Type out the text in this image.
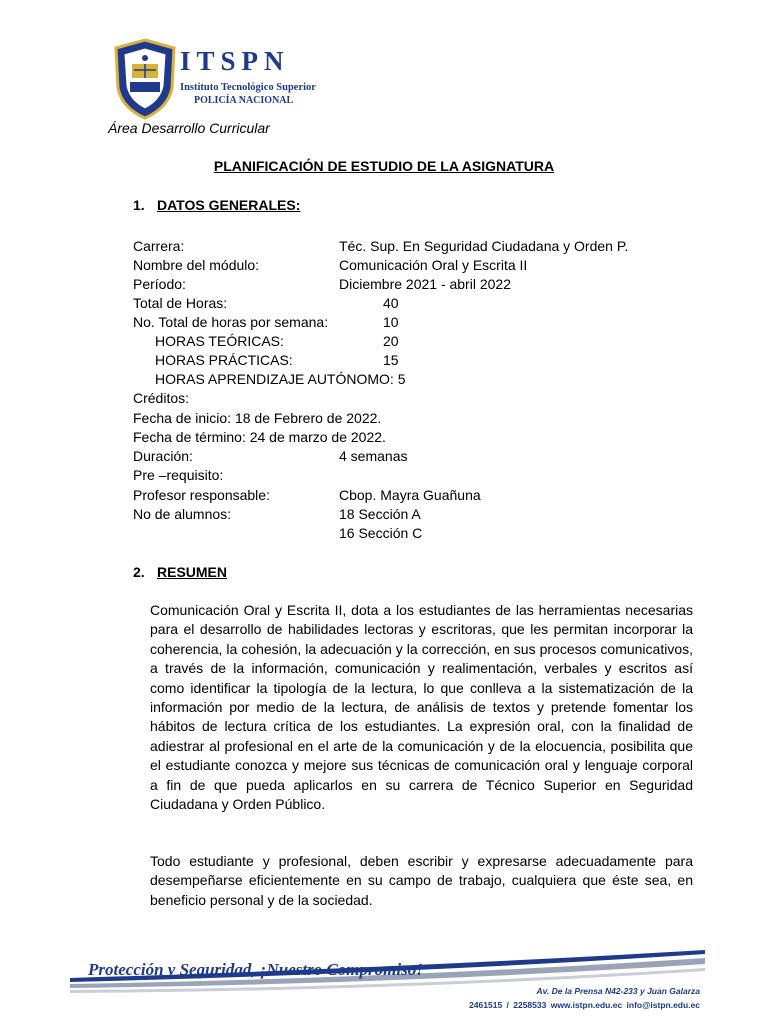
ITSPN
Instituto Tecnológico Superior
POLICÍA NACIONAL
Área Desarrollo Curricular
PLANIFICACIÓN DE ESTUDIO DE LA ASIGNATURA
1. DATOS GENERALES:
Carrera:	Téc. Sup. En Seguridad Ciudadana y Orden P.
Nombre del módulo:	Comunicación Oral y Escrita II
Período:	Diciembre 2021 - abril 2022
Total de Horas:	40
No. Total de horas por semana:	10
HORAS TEÓRICAS:	20
HORAS PRÁCTICAS:	15
HORAS APRENDIZAJE AUTÓNOMO: 5
Créditos:
Fecha de inicio: 18 de Febrero de 2022.
Fecha de término: 24 de marzo de 2022.
Duración:	4 semanas
Pre –requisito:
Profesor responsable:	Cbop. Mayra Guañuna
No de alumnos:	18 Sección A
16 Sección C
2. RESUMEN

Comunicación Oral y Escrita II, dota a los estudiantes de las herramientas necesarias para el desarrollo de habilidades lectoras y escritoras, que les permitan incorporar la coherencia, la cohesión, la adecuación y la corrección, en sus procesos comunicativos, a través de la información, comunicación y realimentación, verbales y escritos así como identificar la tipología de la lectura, lo que conlleva a la sistematización de la información por medio de la lectura, de análisis de textos y pretende fomentar los hábitos de lectura crítica de los estudiantes. La expresión oral, con la finalidad de adiestrar al profesional en el arte de la comunicación y de la elocuencia, posibilita que el estudiante conozca y mejore sus técnicas de comunicación oral y lenguaje corporal a fin de que pueda aplicarlos en su carrera de Técnico Superior en Seguridad Ciudadana y Orden Público.

Todo estudiante y profesional, deben escribir y expresarse adecuadamente para desempeñarse eficientemente en su campo de trabajo, cualquiera que éste sea, en beneficio personal y de la sociedad.

Protección y Seguridad, ¡Nuestro Compromiso!
Av. De la Prensa N42-233 y Juan Galarza
2461515 / 2258533 www.istpn.edu.ec info@istpn.edu.ec
